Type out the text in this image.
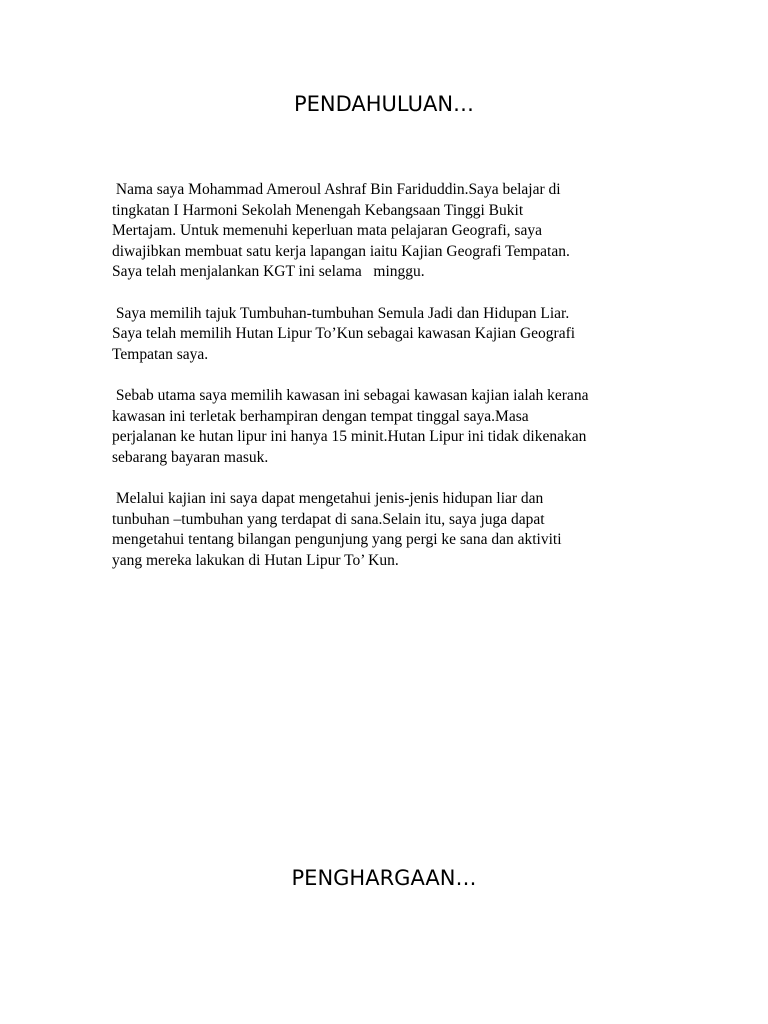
PENDAHULUAN…
Nama saya Mohammad Ameroul Ashraf Bin Fariduddin.Saya belajar di
tingkatan I Harmoni Sekolah Menengah Kebangsaan Tinggi Bukit
Mertajam. Untuk memenuhi keperluan mata pelajaran Geografi, saya
diwajibkan membuat satu kerja lapangan iaitu Kajian Geografi Tempatan.
Saya telah menjalankan KGT ini selama   minggu.
Saya memilih tajuk Tumbuhan-tumbuhan Semula Jadi dan Hidupan Liar.
Saya telah memilih Hutan Lipur To’Kun sebagai kawasan Kajian Geografi
Tempatan saya.
Sebab utama saya memilih kawasan ini sebagai kawasan kajian ialah kerana
kawasan ini terletak berhampiran dengan tempat tinggal saya.Masa
perjalanan ke hutan lipur ini hanya 15 minit.Hutan Lipur ini tidak dikenakan
sebarang bayaran masuk.
Melalui kajian ini saya dapat mengetahui jenis-jenis hidupan liar dan
tunbuhan –tumbuhan yang terdapat di sana.Selain itu, saya juga dapat
mengetahui tentang bilangan pengunjung yang pergi ke sana dan aktiviti
yang mereka lakukan di Hutan Lipur To’ Kun.
PENGHARGAAN…
